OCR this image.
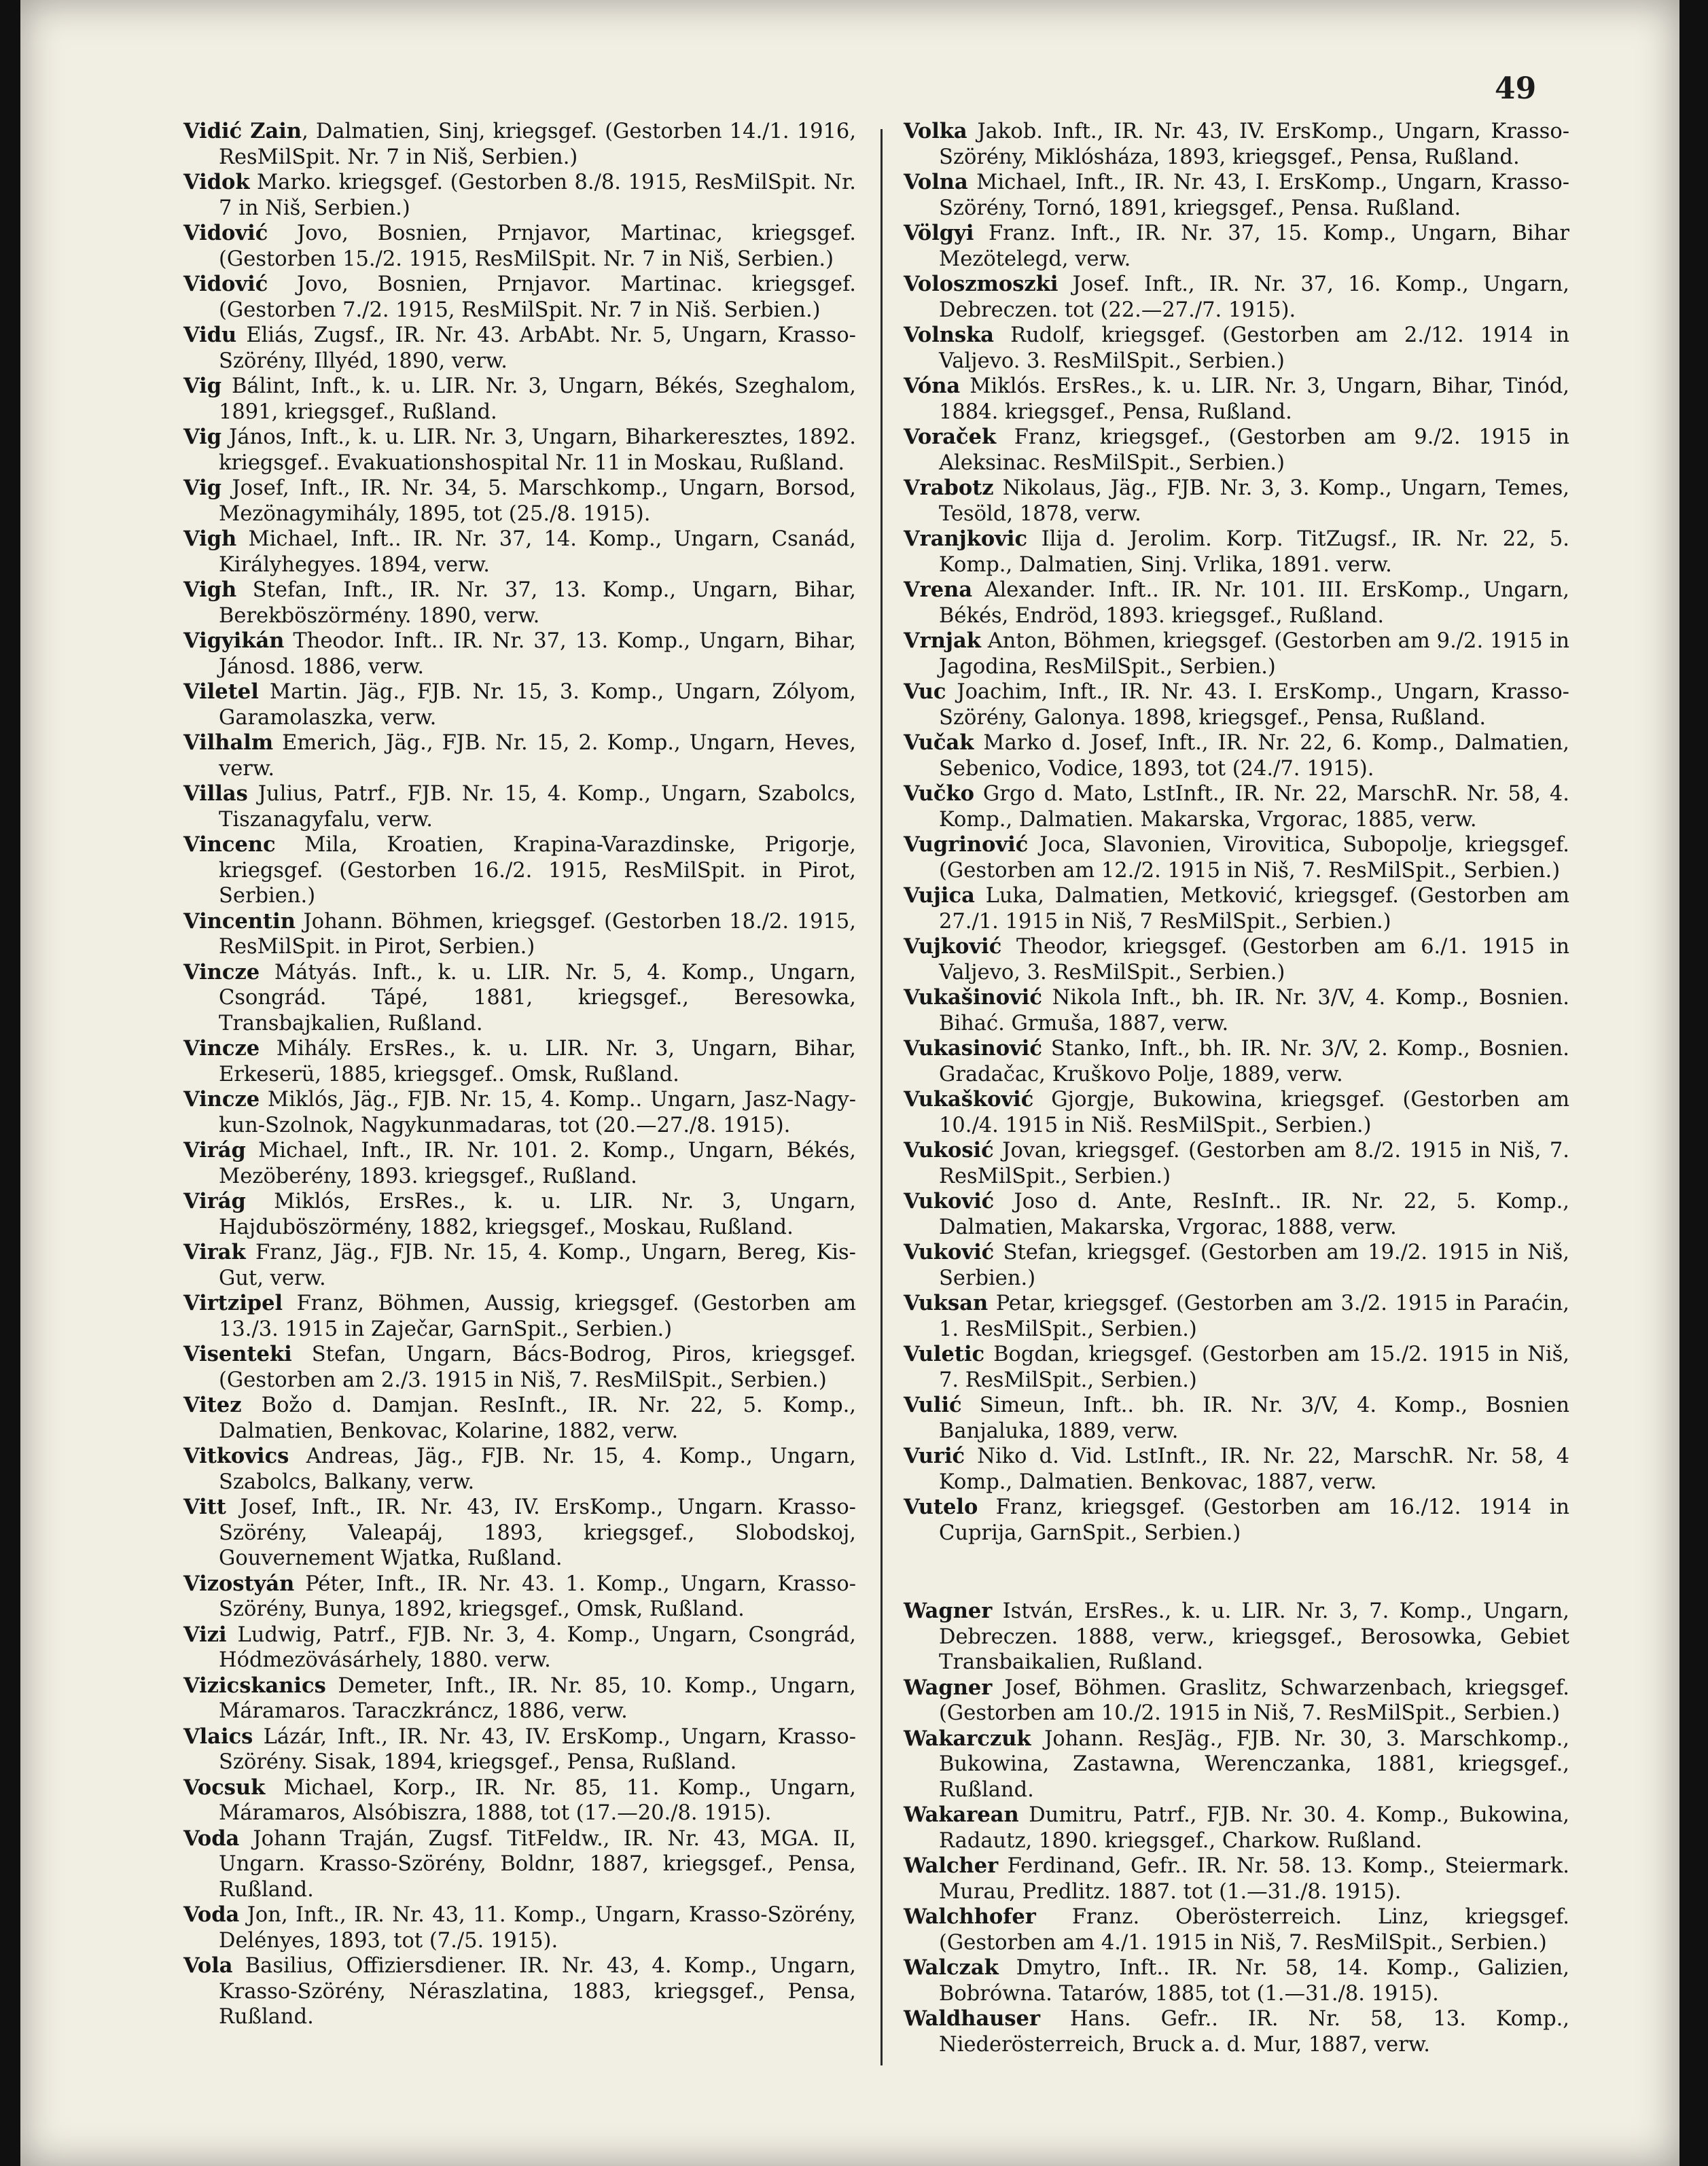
49

Vidić Zain, Dalmatien, Sinj, kriegsgef. (Gestorben 14./1. 1916, ResMilSpit. Nr. 7 in Niš, Serbien.)

Vidok Marko. kriegsgef. (Gestorben 8./8. 1915, ResMilSpit. Nr. 7 in Niš, Serbien.)

Vidović Jovo, Bosnien, Prnjavor, Martinac, kriegsgef. (Gestorben 15./2. 1915, ResMilSpit. Nr. 7 in Niš, Serbien.)

Vidović Jovo, Bosnien, Prnjavor. Martinac. kriegsgef. (Gestorben 7./2. 1915, ResMilSpit. Nr. 7 in Niš. Serbien.)

Vidu Eliás, Zugsf., IR. Nr. 43. ArbAbt. Nr. 5, Ungarn, Krasso-Szörény, Illyéd, 1890, verw.

Vig Bálint, Inft., k. u. LIR. Nr. 3, Ungarn, Békés, Szeghalom, 1891, kriegsgef., Rußland.

Vig János, Inft., k. u. LIR. Nr. 3, Ungarn, Biharkeresztes, 1892. kriegsgef.. Evakuationshospital Nr. 11 in Moskau, Rußland.

Vig Josef, Inft., IR. Nr. 34, 5. Marschkomp., Ungarn, Borsod, Mezönagymihály, 1895, tot (25./8. 1915).

Vigh Michael, Inft.. IR. Nr. 37, 14. Komp., Ungarn, Csanád, Királyhegyes. 1894, verw.

Vigh Stefan, Inft., IR. Nr. 37, 13. Komp., Ungarn, Bihar, Berekböszörmény. 1890, verw.

Vigyikán Theodor. Inft.. IR. Nr. 37, 13. Komp., Ungarn, Bihar, Jánosd. 1886, verw.

Viletel Martin. Jäg., FJB. Nr. 15, 3. Komp., Ungarn, Zólyom, Garamolaszka, verw.

Vilhalm Emerich, Jäg., FJB. Nr. 15, 2. Komp., Ungarn, Heves, verw.

Villas Julius, Patrf., FJB. Nr. 15, 4. Komp., Ungarn, Szabolcs, Tiszanagyfalu, verw.

Vincenc Mila, Kroatien, Krapina-Varazdinske, Prigorje, kriegsgef. (Gestorben 16./2. 1915, ResMilSpit. in Pirot, Serbien.)

Vincentin Johann. Böhmen, kriegsgef. (Gestorben 18./2. 1915, ResMilSpit. in Pirot, Serbien.)

Vincze Mátyás. Inft., k. u. LIR. Nr. 5, 4. Komp., Ungarn, Csongrád. Tápé, 1881, kriegsgef., Beresowka, Transbajkalien, Rußland.

Vincze Mihály. ErsRes., k. u. LIR. Nr. 3, Ungarn, Bihar, Erkeserü, 1885, kriegsgef.. Omsk, Rußland.

Vincze Miklós, Jäg., FJB. Nr. 15, 4. Komp.. Ungarn, Jasz-Nagy-kun-Szolnok, Nagykunmadaras, tot (20.—27./8. 1915).

Virág Michael, Inft., IR. Nr. 101. 2. Komp., Ungarn, Békés, Mezöberény, 1893. kriegsgef., Rußland.

Virág Miklós, ErsRes., k. u. LIR. Nr. 3, Ungarn, Hajduböszörmény, 1882, kriegsgef., Moskau, Rußland.

Virak Franz, Jäg., FJB. Nr. 15, 4. Komp., Ungarn, Bereg, Kis-Gut, verw.

Virtzipel Franz, Böhmen, Aussig, kriegsgef. (Gestorben am 13./3. 1915 in Zaječar, GarnSpit., Serbien.)

Visenteki Stefan, Ungarn, Bács-Bodrog, Piros, kriegsgef. (Gestorben am 2./3. 1915 in Niš, 7. ResMilSpit., Serbien.)

Vitez Božo d. Damjan. ResInft., IR. Nr. 22, 5. Komp., Dalmatien, Benkovac, Kolarine, 1882, verw.

Vitkovics Andreas, Jäg., FJB. Nr. 15, 4. Komp., Ungarn, Szabolcs, Balkany, verw.

Vitt Josef, Inft., IR. Nr. 43, IV. ErsKomp., Ungarn. Krasso-Szörény, Valeapáj, 1893, kriegsgef., Slobodskoj, Gouvernement Wjatka, Rußland.

Vizostyán Péter, Inft., IR. Nr. 43. 1. Komp., Ungarn, Krasso-Szörény, Bunya, 1892, kriegsgef., Omsk, Rußland.

Vizi Ludwig, Patrf., FJB. Nr. 3, 4. Komp., Ungarn, Csongrád, Hódmezövásárhely, 1880. verw.

Vizicskanics Demeter, Inft., IR. Nr. 85, 10. Komp., Ungarn, Máramaros. Taraczkráncz, 1886, verw.

Vlaics Lázár, Inft., IR. Nr. 43, IV. ErsKomp., Ungarn, Krasso-Szörény. Sisak, 1894, kriegsgef., Pensa, Rußland.

Vocsuk Michael, Korp., IR. Nr. 85, 11. Komp., Ungarn, Máramaros, Alsóbiszra, 1888, tot (17.—20./8. 1915).

Voda Johann Traján, Zugsf. TitFeldw., IR. Nr. 43, MGA. II, Ungarn. Krasso-Szörény, Boldnr, 1887, kriegsgef., Pensa, Rußland.

Voda Jon, Inft., IR. Nr. 43, 11. Komp., Ungarn, Krasso-Szörény, Delényes, 1893, tot (7./5. 1915).

Vola Basilius, Offiziersdiener. IR. Nr. 43, 4. Komp., Ungarn, Krasso-Szörény, Néraszlatina, 1883, kriegsgef., Pensa, Rußland.

Volka Jakob. Inft., IR. Nr. 43, IV. ErsKomp., Ungarn, Krasso-Szörény, Miklósháza, 1893, kriegsgef., Pensa, Rußland.

Volna Michael, Inft., IR. Nr. 43, I. ErsKomp., Ungarn, Krasso-Szörény, Tornó, 1891, kriegsgef., Pensa. Rußland.

Völgyi Franz. Inft., IR. Nr. 37, 15. Komp., Ungarn, Bihar Mezötelegd, verw.

Voloszmoszki Josef. Inft., IR. Nr. 37, 16. Komp., Ungarn, Debreczen. tot (22.—27./7. 1915).

Volnska Rudolf, kriegsgef. (Gestorben am 2./12. 1914 in Valjevo. 3. ResMilSpit., Serbien.)

Vóna Miklós. ErsRes., k. u. LIR. Nr. 3, Ungarn, Bihar, Tinód, 1884. kriegsgef., Pensa, Rußland.

Voraček Franz, kriegsgef., (Gestorben am 9./2. 1915 in Aleksinac. ResMilSpit., Serbien.)

Vrabotz Nikolaus, Jäg., FJB. Nr. 3, 3. Komp., Ungarn, Temes, Tesöld, 1878, verw.

Vranjkovic Ilija d. Jerolim. Korp. TitZugsf., IR. Nr. 22, 5. Komp., Dalmatien, Sinj. Vrlika, 1891. verw.

Vrena Alexander. Inft.. IR. Nr. 101. III. ErsKomp., Ungarn, Békés, Endröd, 1893. kriegsgef., Rußland.

Vrnjak Anton, Böhmen, kriegsgef. (Gestorben am 9./2. 1915 in Jagodina, ResMilSpit., Serbien.)

Vuc Joachim, Inft., IR. Nr. 43. I. ErsKomp., Ungarn, Krasso-Szörény, Galonya. 1898, kriegsgef., Pensa, Rußland.

Vučak Marko d. Josef, Inft., IR. Nr. 22, 6. Komp., Dalmatien, Sebenico, Vodice, 1893, tot (24./7. 1915).

Vučko Grgo d. Mato, LstInft., IR. Nr. 22, MarschR. Nr. 58, 4. Komp., Dalmatien. Makarska, Vrgorac, 1885, verw.

Vugrinović Joca, Slavonien, Virovitica, Subopolje, kriegsgef. (Gestorben am 12./2. 1915 in Niš, 7. ResMilSpit., Serbien.)

Vujica Luka, Dalmatien, Metković, kriegsgef. (Gestorben am 27./1. 1915 in Niš, 7 ResMilSpit., Serbien.)

Vujković Theodor, kriegsgef. (Gestorben am 6./1. 1915 in Valjevo, 3. ResMilSpit., Serbien.)

Vukašinović Nikola Inft., bh. IR. Nr. 3/V, 4. Komp., Bosnien. Bihać. Grmuša, 1887, verw.

Vukasinović Stanko, Inft., bh. IR. Nr. 3/V, 2. Komp., Bosnien. Gradačac, Kruškovo Polje, 1889, verw.

Vukašković Gjorgje, Bukowina, kriegsgef. (Gestorben am 10./4. 1915 in Niš. ResMilSpit., Serbien.)

Vukosić Jovan, kriegsgef. (Gestorben am 8./2. 1915 in Niš, 7. ResMilSpit., Serbien.)

Vuković Joso d. Ante, ResInft.. IR. Nr. 22, 5. Komp., Dalmatien, Makarska, Vrgorac, 1888, verw.

Vuković Stefan, kriegsgef. (Gestorben am 19./2. 1915 in Niš, Serbien.)

Vuksan Petar, kriegsgef. (Gestorben am 3./2. 1915 in Paraćin, 1. ResMilSpit., Serbien.)

Vuletic Bogdan, kriegsgef. (Gestorben am 15./2. 1915 in Niš, 7. ResMilSpit., Serbien.)

Vulić Simeun, Inft.. bh. IR. Nr. 3/V, 4. Komp., Bosnien Banjaluka, 1889, verw.

Vurić Niko d. Vid. LstInft., IR. Nr. 22, MarschR. Nr. 58, 4 Komp., Dalmatien. Benkovac, 1887, verw.

Vutelo Franz, kriegsgef. (Gestorben am 16./12. 1914 in Cuprija, GarnSpit., Serbien.)

Wagner István, ErsRes., k. u. LIR. Nr. 3, 7. Komp., Ungarn, Debreczen. 1888, verw., kriegsgef., Berosowka, Gebiet Transbaikalien, Rußland.

Wagner Josef, Böhmen. Graslitz, Schwarzenbach, kriegsgef. (Gestorben am 10./2. 1915 in Niš, 7. ResMilSpit., Serbien.)

Wakarczuk Johann. ResJäg., FJB. Nr. 30, 3. Marschkomp., Bukowina, Zastawna, Werenczanka, 1881, kriegsgef., Rußland.

Wakarean Dumitru, Patrf., FJB. Nr. 30. 4. Komp., Bukowina, Radautz, 1890. kriegsgef., Charkow. Rußland.

Walcher Ferdinand, Gefr.. IR. Nr. 58. 13. Komp., Steiermark. Murau, Predlitz. 1887. tot (1.—31./8. 1915).

Walchhofer Franz. Oberösterreich. Linz, kriegsgef. (Gestorben am 4./1. 1915 in Niš, 7. ResMilSpit., Serbien.)

Walczak Dmytro, Inft.. IR. Nr. 58, 14. Komp., Galizien, Bobrówna. Tatarów, 1885, tot (1.—31./8. 1915).

Waldhauser Hans. Gefr.. IR. Nr. 58, 13. Komp., Niederösterreich, Bruck a. d. Mur, 1887, verw.
